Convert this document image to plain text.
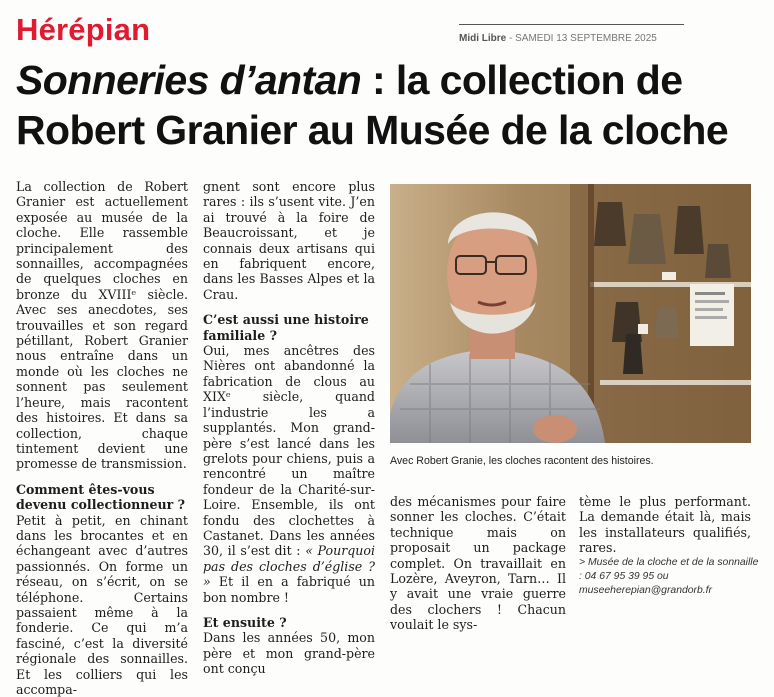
Hérépian	Midi Libre - SAMEDI 13 SEPTEMBRE 2025
Sonneries d’antan : la collection de
Robert Granier au Musée de la cloche

La collection de Robert Granier est actuellement exposée au musée de la cloche. Elle rassemble principalement des sonnailles, accompagnées de quelques cloches en bronze du XVIIIᵉ siècle. Avec ses anecdotes, ses trouvailles et son regard pétillant, Robert Granier nous entraîne dans un monde où les cloches ne sonnent pas seulement l’heure, mais racontent des histoires. Et dans sa collection, chaque tintement devient une promesse de transmission.

Comment êtes-vous devenu collectionneur ?

Petit à petit, en chinant dans les brocantes et en échangeant avec d’autres passionnés. On forme un réseau, on s’écrit, on se téléphone. Certains passaient même à la fonderie. Ce qui m’a fasciné, c’est la diversité régionale des sonnailles. Et les colliers qui les accompa-

gnent sont encore plus rares : ils s’usent vite. J’en ai trouvé à la foire de Beaucroissant, et je connais deux artisans qui en fabriquent encore, dans les Basses Alpes et la Crau.

C’est aussi une histoire familiale ?

Oui, mes ancêtres des Nières ont abandonné la fabrication de clous au XIXᵉ siècle, quand l’industrie les a supplantés. Mon grand-père s’est lancé dans les grelots pour chiens, puis a rencontré un maître fondeur de la Charité-sur-Loire. Ensemble, ils ont fondu des clochettes à Castanet. Dans les années 30, il s’est dit : « Pourquoi pas des cloches d’église ? » Et il en a fabriqué un bon nombre !

Et ensuite ?

Dans les années 50, mon père et mon grand-père ont conçu

Avec Robert Granie, les cloches racontent des histoires.

des mécanismes pour faire sonner les cloches. C’était technique mais on proposait un package complet. On travaillait en Lozère, Aveyron, Tarn… Il y avait une vraie guerre des clochers ! Chacun voulait le sys-

tème le plus performant. La demande était là, mais les installateurs qualifiés, rares.

> Musée de la cloche et de la sonnaille : 04 67 95 39 95 ou museeherepian@grandorb.fr
